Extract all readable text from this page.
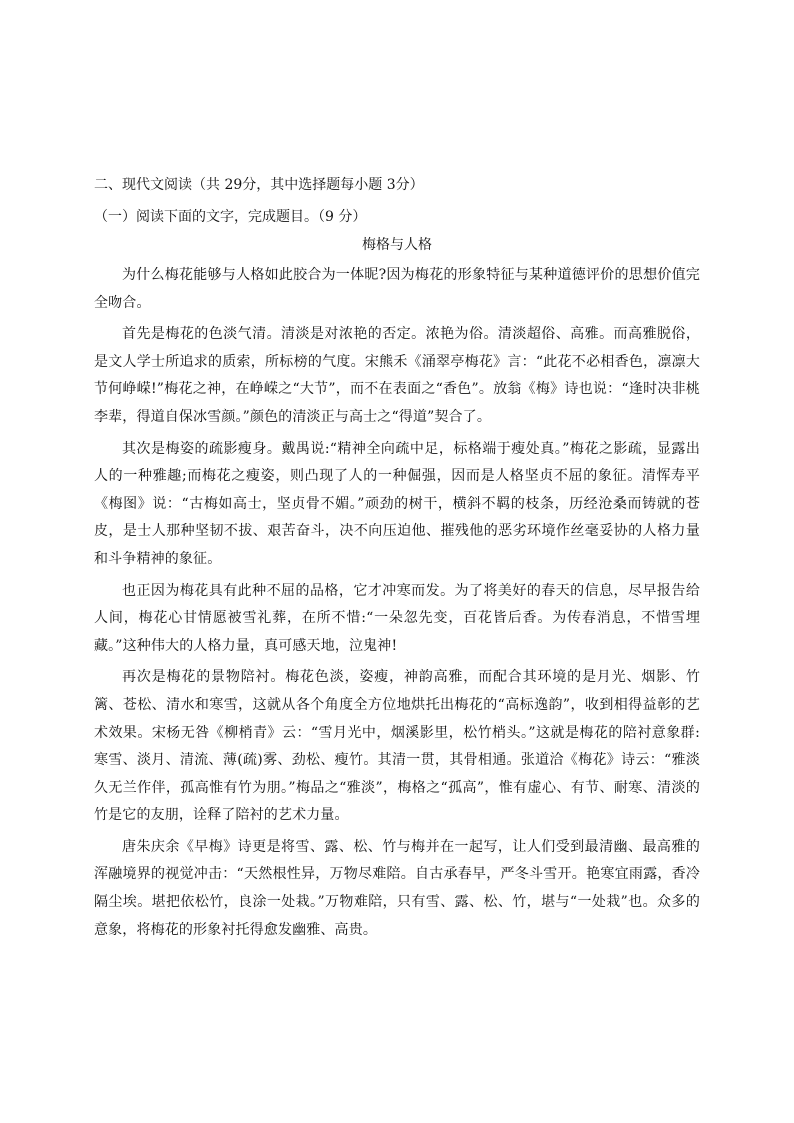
二、现代文阅读（共 29分，其中选择题每小题 3分）
（一）阅读下面的文字，完成题目。（9 分）
梅格与人格

为什么梅花能够与人格如此胶合为一体昵?因为梅花的形象特征与某种道德评价的思想价值完全吻合。

首先是梅花的色淡气清。清淡是对浓艳的否定。浓艳为俗。清淡超俗、高雅。而高雅脱俗，是文人学士所追求的质索，所标榜的气度。宋熊禾《涌翠亭梅花》言：“此花不必相香色，凛凛大节何峥嵘!”梅花之神，在峥嵘之“大节”，而不在表面之“香色”。放翁《梅》诗也说：“逢时决非桃李辈，得道自保冰雪颜。”颜色的清淡正与高士之“得道”契合了。

其次是梅姿的疏影瘦身。戴禺说:“精神全向疏中足，标格端于瘦处真。”梅花之影疏，显露出人的一种雅趣;而梅花之瘦姿，则凸现了人的一种倔强，因而是人格坚贞不屈的象征。清恽寿平《梅图》说：“古梅如高士，坚贞骨不媚。”顽劲的树干，横斜不羁的枝条，历经沧桑而铸就的苍皮，是士人那种坚韧不拔、艰苦奋斗，决不向压迫他、摧残他的恶劣环境作丝毫妥协的人格力量和斗争精神的象征。

也正因为梅花具有此种不屈的品格，它才冲寒而发。为了将美好的春天的信息，尽早报告给人间，梅花心甘情愿被雪礼葬，在所不惜:“一朵忽先变，百花皆后香。为传春消息，不惜雪埋藏。”这种伟大的人格力量，真可感天地，泣鬼神!

再次是梅花的景物陪衬。梅花色淡，姿瘦，神韵高雅，而配合其环境的是月光、烟影、竹篱、苍松、清水和寒雪，这就从各个角度全方位地烘托出梅花的“高标逸韵”，收到相得益彰的艺术效果。宋杨无咎《柳梢青》云：“雪月光中，烟溪影里，松竹梢头。”这就是梅花的陪衬意象群:寒雪、淡月、清流、薄(疏)雾、劲松、瘦竹。其清一贯，其骨相通。张道洽《梅花》诗云：“雅淡久无兰作伴，孤高惟有竹为朋。”梅品之“雅淡”，梅格之“孤高”，惟有虚心、有节、耐寒、清淡的竹是它的友朋，诠释了陪衬的艺术力量。

唐朱庆余《早梅》诗更是将雪、露、松、竹与梅并在一起写，让人们受到最清幽、最高雅的浑融境界的视觉冲击：“天然根性异，万物尽难陪。自古承春早，严冬斗雪开。艳寒宜雨露，香冷隔尘埃。堪把依松竹，良涂一处栽。”万物难陪，只有雪、露、松、竹，堪与“一处栽”也。众多的意象，将梅花的形象衬托得愈发幽雅、高贵。
